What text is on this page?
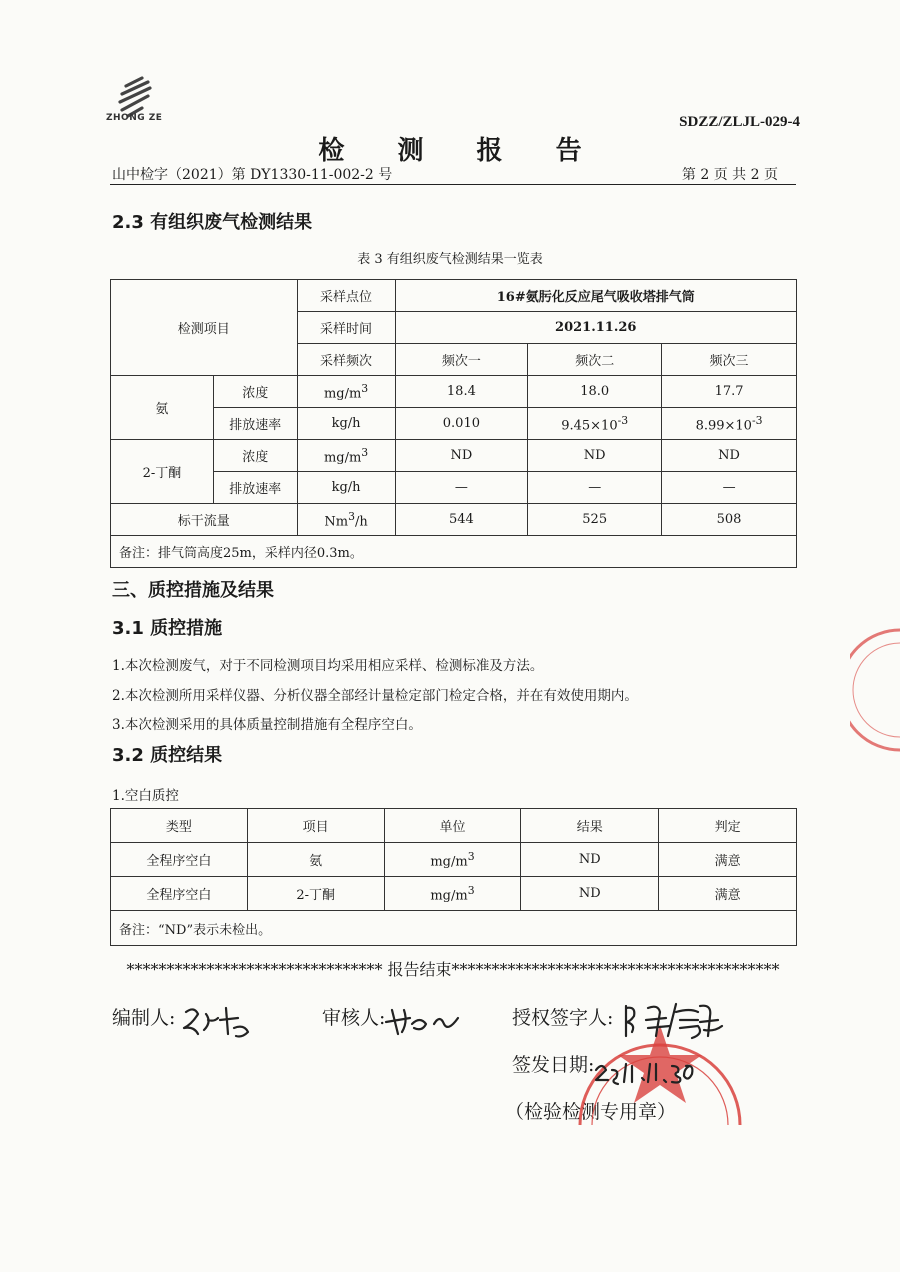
ZHONG ZE	SDZZ/ZLJL-029-4
检 测 报 告
山中检字（2021）第 DY1330-11-002-2 号	第 2 页 共 2 页
2.3 有组织废气检测结果
表 3 有组织废气检测结果一览表
检测项目		采样点位	16#氨肟化反应尾气吸收塔排气筒		
		采样时间	2021.11.26		
		采样频次	频次一	频次二	频次三
氨	浓度	$mg/m^3$	18.4	18.0	17.7
	排放速率	kg/h	0.010	$9.45\times 10^{-3}$	$8.99\times 10^{-3}$
2-丁酮	浓度	$mg/m^3$	ND	ND	ND
	排放速率	kg/h	—	—	—
标干流量		Nm$^3$/h	544	525	508
备注：排气筒高度25m，采样内径0.3m。					
三、质控措施及结果
3.1 质控措施
1.本次检测废气，对于不同检测项目均采用相应采样、检测标准及方法。
2.本次检测所用采样仪器、分析仪器全部经计量检定部门检定合格，并在有效使用期内。
3.本次检测采用的具体质量控制措施有全程序空白。
3.2 质控结果
1.空白质控
类型	项目	单位	结果	判定
全程序空白	氨	$mg/m^3$	ND	满意
全程序空白	2-丁酮	$mg/m^3$	ND	满意
备注：“ND”表示未检出。				
******************************** 报告结束*****************************************
编制人:	审核人:	授权签字人:
签发日期:
（检验检测专用章）
